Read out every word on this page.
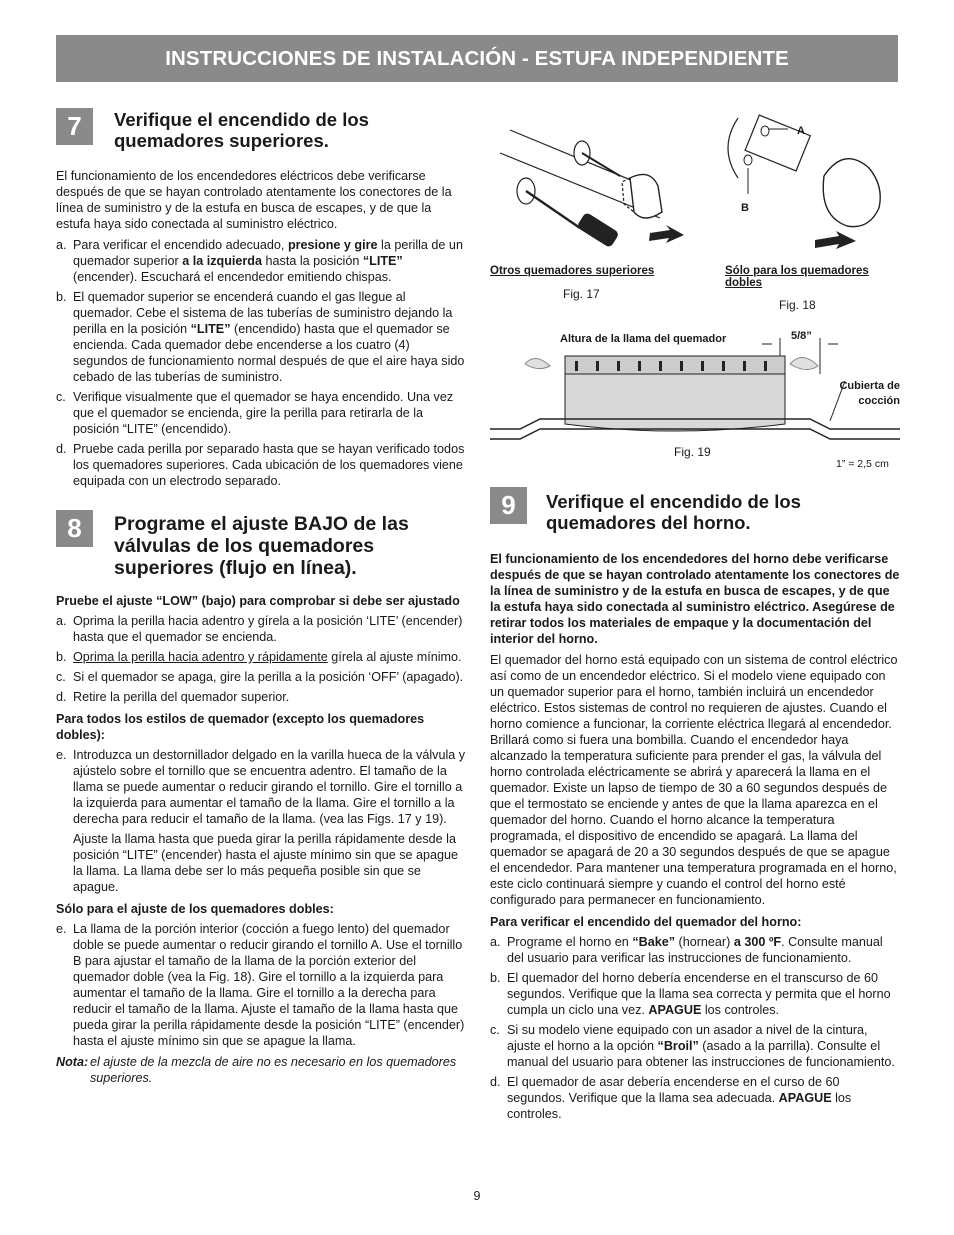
INSTRUCCIONES DE INSTALACIÓN - ESTUFA INDEPENDIENTE
7	Verifique el encendido de los quemadores superiores.

El funcionamiento de los encendedores eléctricos debe verificarse después de que se hayan controlado atentamente los conectores de la línea de suministro y de la estufa en busca de escapes, y de que la estufa haya sido conectada al suministro eléctrico.

a. Para verificar el encendido adecuado, presione y gire la perilla de un quemador superior a la izquierda hasta la posición “LITE” (encender). Escuchará el encendedor emitiendo chispas.
b. El quemador superior se encenderá cuando el gas llegue al quemador. Cebe el sistema de las tuberías de suministro dejando la perilla en la posición “LITE” (encendido) hasta que el quemador se encienda. Cada quemador debe encenderse a los cuatro (4) segundos de funcionamiento normal después de que el aire haya sido cebado de las tuberías de suministro.
c. Verifique visualmente que el quemador se haya encendido. Una vez que el quemador se encienda, gire la perilla para retirarla de la posición “LITE” (encendido).
d. Pruebe cada perilla por separado hasta que se hayan verificado todos los quemadores superiores. Cada ubicación de los quemadores viene equipada con un electrodo separado.
8	Programe el ajuste BAJO de las válvulas de los quemadores superiores (flujo en línea).

Pruebe el ajuste “LOW” (bajo) para comprobar si debe ser ajustado

a. Oprima la perilla hacia adentro y gírela a la posición ‘LITE’ (encender) hasta que el quemador se encienda.
b. Oprima la perilla hacia adentro y rápidamente gírela al ajuste mínimo.
c. Si el quemador se apaga, gire la perilla a la posición ‘OFF’ (apagado).
d. Retire la perilla del quemador superior.

Para todos los estilos de quemador (excepto los quemadores dobles):

e. Introduzca un destornillador delgado en la varilla hueca de la válvula y ajústelo sobre el tornillo que se encuentra adentro. El tamaño de la llama se puede aumentar o reducir girando el tornillo. Gire el tornillo a la izquierda para aumentar el tamaño de la llama. Gire el tornillo a la derecha para reducir el tamaño de la llama. (vea las Figs. 17 y 19).
Ajuste la llama hasta que pueda girar la perilla rápidamente desde la posición “LITE” (encender) hasta el ajuste mínimo sin que se apague la llama. La llama debe ser lo más pequeña posible sin que se apague.

Sólo para el ajuste de los quemadores dobles:

e. La llama de la porción interior (cocción a fuego lento) del quemador doble se puede aumentar o reducir girando el tornillo A. Use el tornillo B para ajustar el tamaño de la llama de la porción exterior del quemador doble (vea la Fig. 18). Gire el tornillo a la izquierda para aumentar el tamaño de la llama. Gire el tornillo a la derecha para reducir el tamaño de la llama. Ajuste el tamaño de la llama hasta que pueda girar la perilla rápidamente desde la posición “LITE” (encender) hasta el ajuste mínimo sin que se apague la llama.
Nota: el ajuste de la mezcla de aire no es necesario en los quemadores superiores.
Otros quemadores superiores
Fig. 17
A
B
Sólo para los quemadores dobles
Fig. 18
Altura de la llama del quemador	5/8”
Cubierta de cocción
Fig. 19
1” = 2,5 cm
9	Verifique el encendido de los quemadores del horno.

El funcionamiento de los encendedores del horno debe verificarse después de que se hayan controlado atentamente los conectores de la línea de suministro y de la estufa en busca de escapes, y de que la estufa haya sido conectada al suministro eléctrico. Asegúrese de retirar todos los materiales de empaque y la documentación del interior del horno.

El quemador del horno está equipado con un sistema de control eléctrico así como de un encendedor eléctrico. Si el modelo viene equipado con un quemador superior para el horno, también incluirá un encendedor eléctrico. Estos sistemas de control no requieren de ajustes. Cuando el horno comience a funcionar, la corriente eléctrica llegará al encendedor. Brillará como si fuera una bombilla. Cuando el encendedor haya alcanzado la temperatura suficiente para prender el gas, la válvula del horno controlada eléctricamente se abrirá y aparecerá la llama en el quemador. Existe un lapso de tiempo de 30 a 60 segundos después de que el termostato se enciende y antes de que la llama aparezca en el quemador del horno. Cuando el horno alcance la temperatura programada, el dispositivo de encendido se apagará. La llama del quemador se apagará de 20 a 30 segundos después de que se apague el encendedor. Para mantener una temperatura programada en el horno, este ciclo continuará siempre y cuando el control del horno esté configurado para permanecer en funcionamiento.

Para verificar el encendido del quemador del horno:

a. Programe el horno en “Bake” (hornear) a 300 ºF. Consulte manual del usuario para verificar las instrucciones de funcionamiento.
b. El quemador del horno debería encenderse en el transcurso de 60 segundos. Verifique que la llama sea correcta y permita que el horno cumpla un ciclo una vez. APAGUE los controles.
c. Si su modelo viene equipado con un asador a nivel de la cintura, ajuste el horno a la opción “Broil” (asado a la parrilla). Consulte el manual del usuario para obtener las instrucciones de funcionamiento.
d. El quemador de asar debería encenderse en el curso de 60 segundos. Verifique que la llama sea adecuada. APAGUE los controles.
9
